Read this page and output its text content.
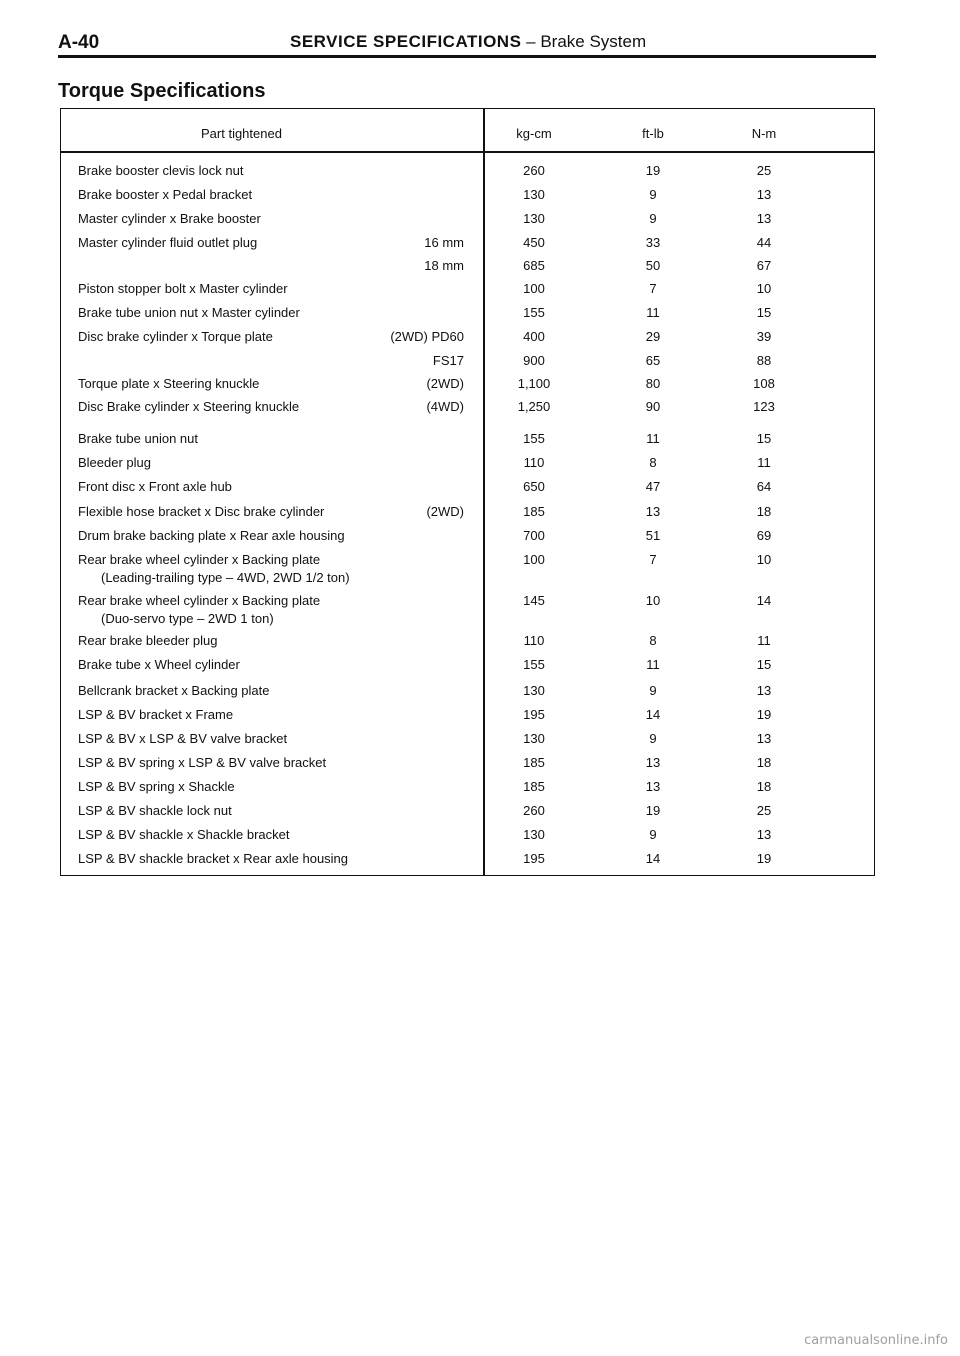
A-40	SERVICE SPECIFICATIONS – Brake System
Torque Specifications
Part tightened	kg-cm	ft-lb	N-m
Brake booster clevis lock nut	260	19	25
Brake booster x Pedal bracket	130	9	13
Master cylinder x Brake booster	130	9	13
Master cylinder fluid outlet plug	16 mm	450	33	44
18 mm	685	50	67
Piston stopper bolt x Master cylinder	100	7	10
Brake tube union nut x Master cylinder	155	11	15
Disc brake cylinder x Torque plate	(2WD) PD60	400	29	39
FS17	900	65	88
Torque plate x Steering knuckle	(2WD)	1,100	80	108
Disc Brake cylinder x Steering knuckle	(4WD)	1,250	90	123
Brake tube union nut	155	11	15
Bleeder plug	110	8	11
Front disc x Front axle hub	650	47	64
Flexible hose bracket x Disc brake cylinder	(2WD)	185	13	18
Drum brake backing plate x Rear axle housing	700	51	69
Rear brake wheel cylinder x Backing plate	100	7	10
(Leading-trailing type – 4WD, 2WD 1/2 ton)
Rear brake wheel cylinder x Backing plate	145	10	14
(Duo-servo type – 2WD 1 ton)
Rear brake bleeder plug	110	8	11
Brake tube x Wheel cylinder	155	11	15
Bellcrank bracket x Backing plate	130	9	13
LSP & BV bracket x Frame	195	14	19
LSP & BV x LSP & BV valve bracket	130	9	13
LSP & BV spring x LSP & BV valve bracket	185	13	18
LSP & BV spring x Shackle	185	13	18
LSP & BV shackle lock nut	260	19	25
LSP & BV shackle x Shackle bracket	130	9	13
LSP & BV shackle bracket x Rear axle housing	195	14	19
carmanualsonline.info
